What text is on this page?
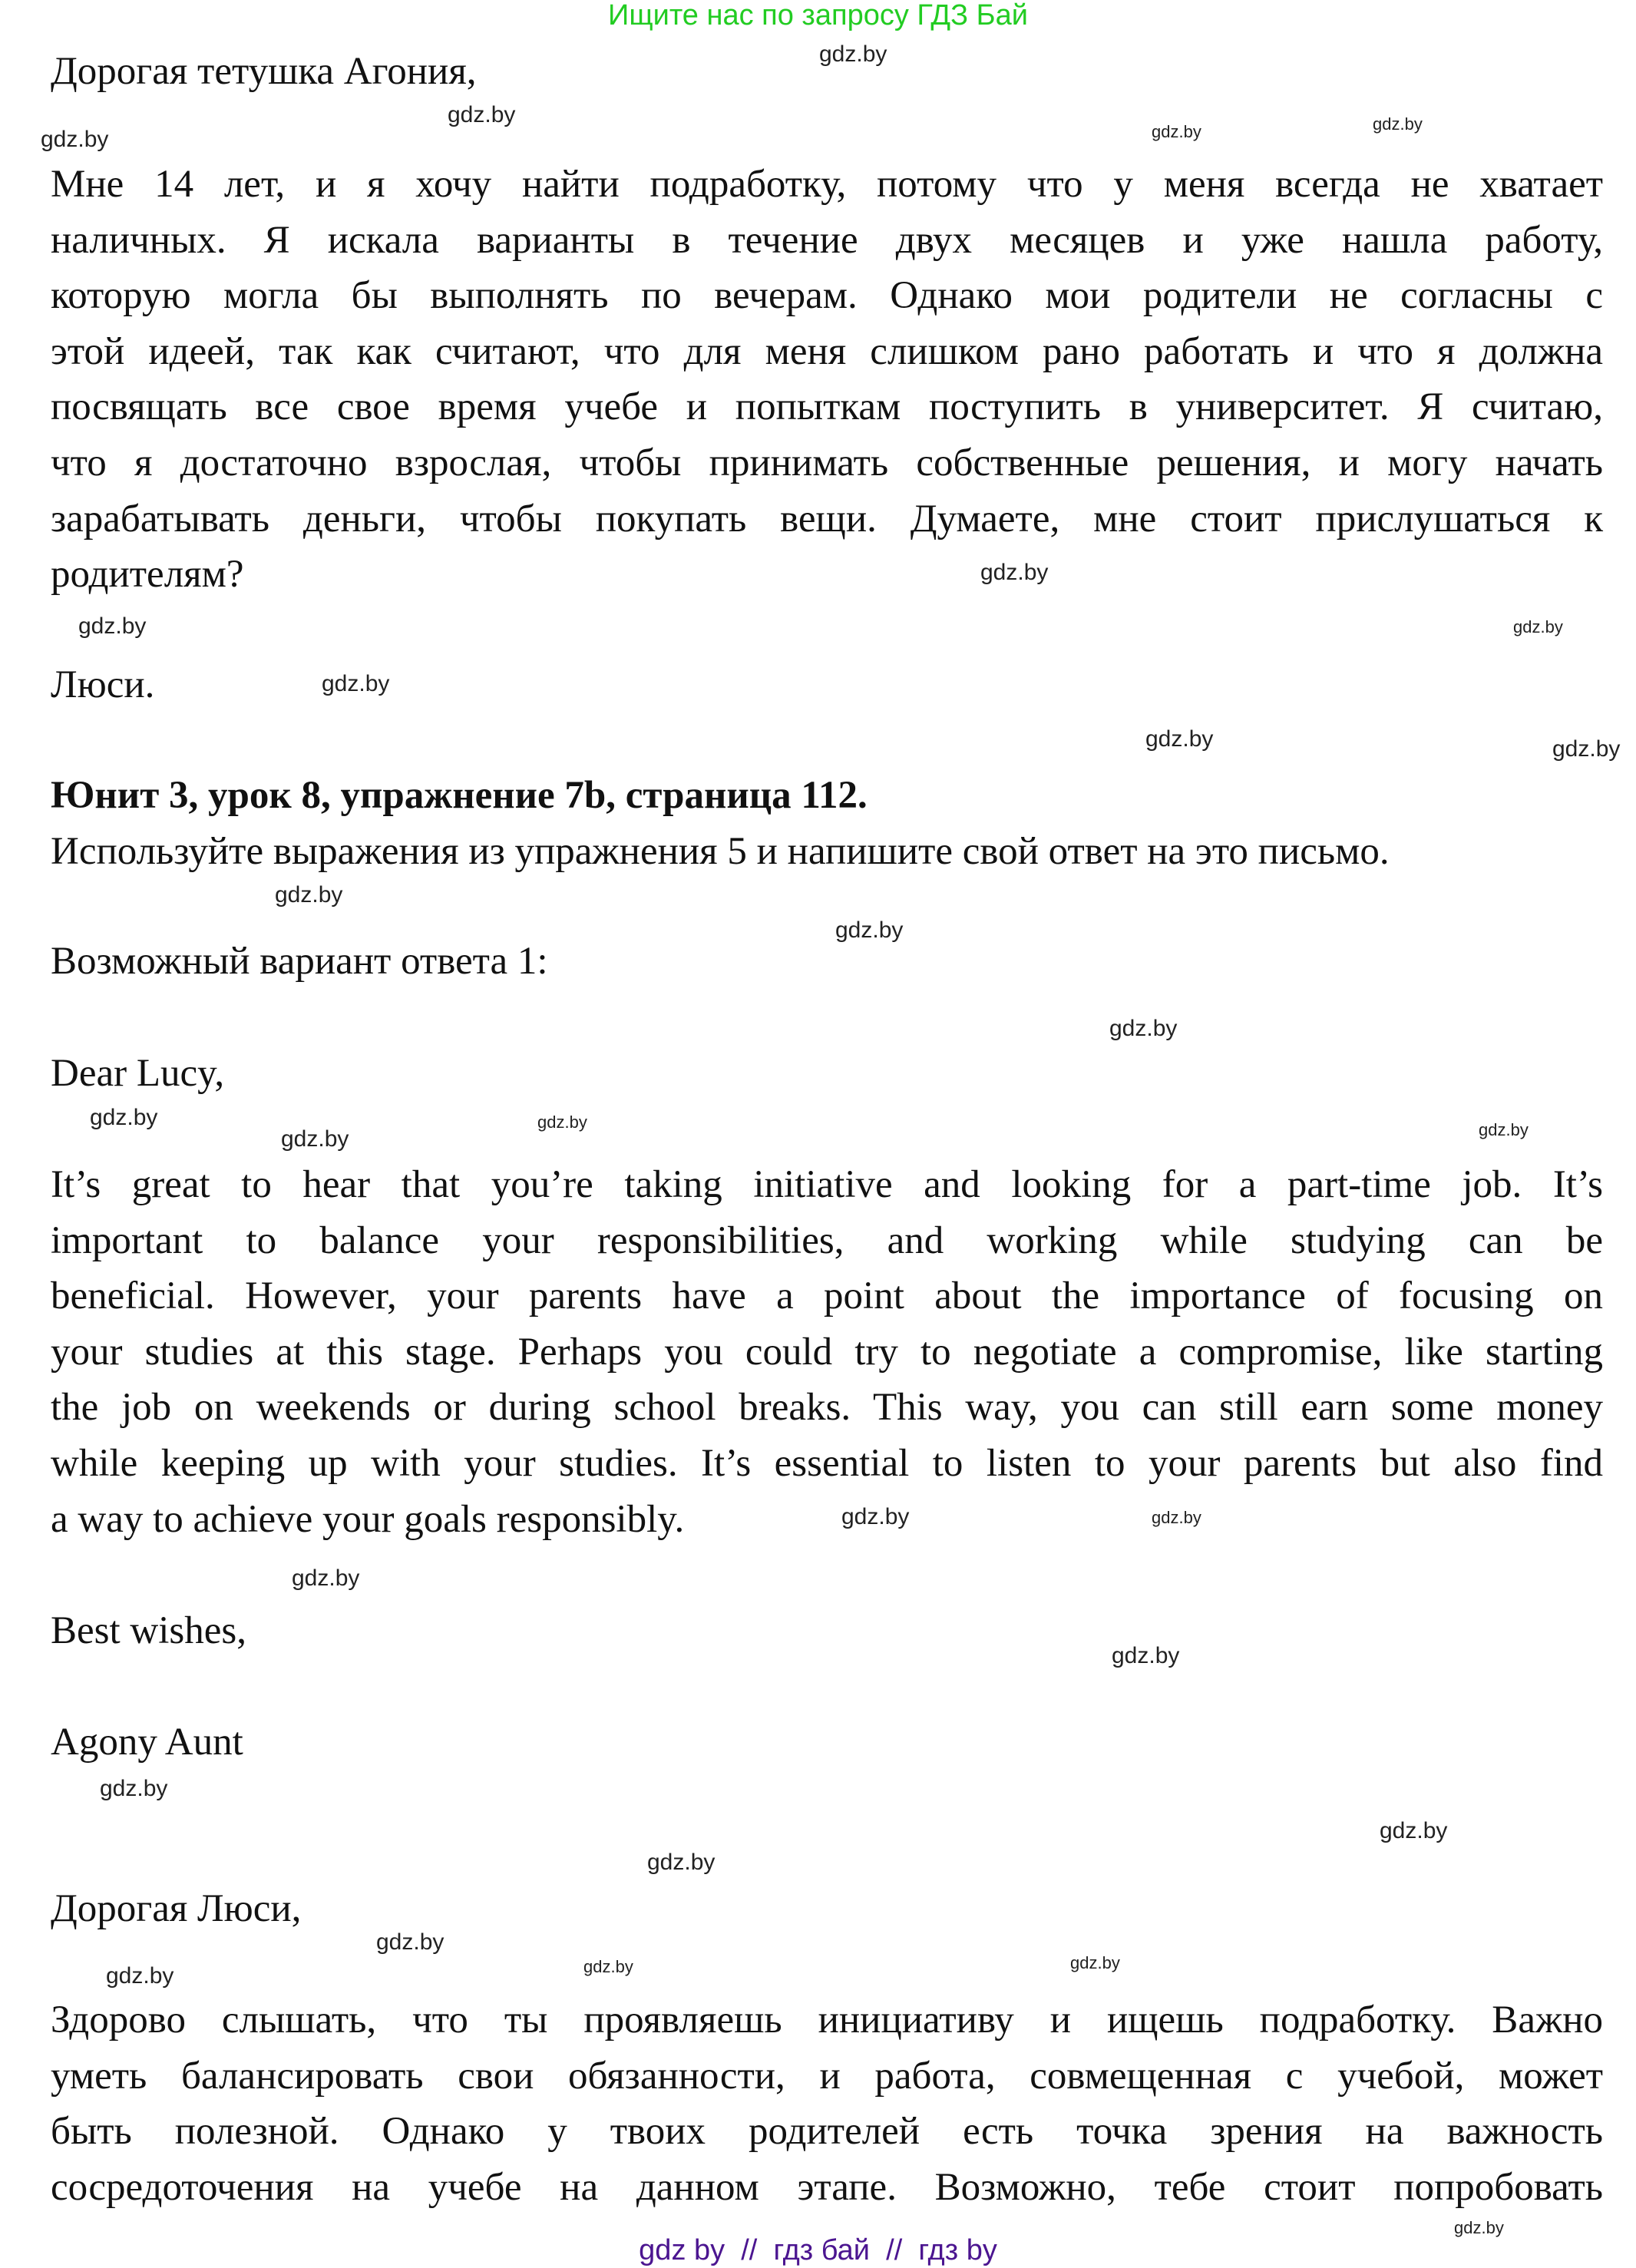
Ищите нас по запросу ГДЗ Бай
Дорогая тетушка Агония,
Мне 14 лет, и я хочу найти подработку, потому что у меня всегда не хватает
наличных. Я искала варианты в течение двух месяцев и уже нашла работу,
которую могла бы выполнять по вечерам. Однако мои родители не согласны с
этой идеей, так как считают, что для меня слишком рано работать и что я должна
посвящать все свое время учебе и попыткам поступить в университет. Я считаю,
что я достаточно взрослая, чтобы принимать собственные решения, и могу начать
зарабатывать деньги, чтобы покупать вещи. Думаете, мне стоит прислушаться к
родителям?
Люси.
Юнит 3, урок 8, упражнение 7b, страница 112.
Используйте выражения из упражнения 5 и напишите свой ответ на это письмо.
Возможный вариант ответа 1:
Dear Lucy,
It’s great to hear that you’re taking initiative and looking for a part-time job. It’s
important to balance your responsibilities, and working while studying can be
beneficial. However, your parents have a point about the importance of focusing on
your studies at this stage. Perhaps you could try to negotiate a compromise, like starting
the job on weekends or during school breaks. This way, you can still earn some money
while keeping up with your studies. It’s essential to listen to your parents but also find
a way to achieve your goals responsibly.
Best wishes,
Agony Aunt
Дорогая Люси,
Здорово слышать, что ты проявляешь инициативу и ищешь подработку. Важно
уметь балансировать свои обязанности, и работа, совмещенная с учебой, может
быть полезной. Однако у твоих родителей есть точка зрения на важность
сосредоточения на учебе на данном этапе. Возможно, тебе стоит попробовать
gdz.by
gdz.by
gdz.by
gdz.by
gdz.by
gdz.by
gdz.by
gdz.by
gdz.by
gdz.by	gdz.by
gdz.by
gdz.by
gdz.by
gdz.by
gdz.by	gdz.by
gdz.by
gdz.by
gdz.by
gdz.by
gdz.by
gdz.by
gdz.by
gdz.by
gdz.by
gdz.by
gdz.by
gdz.by
gdz.by
gdz by  //  гдз бай  //  гдз by
